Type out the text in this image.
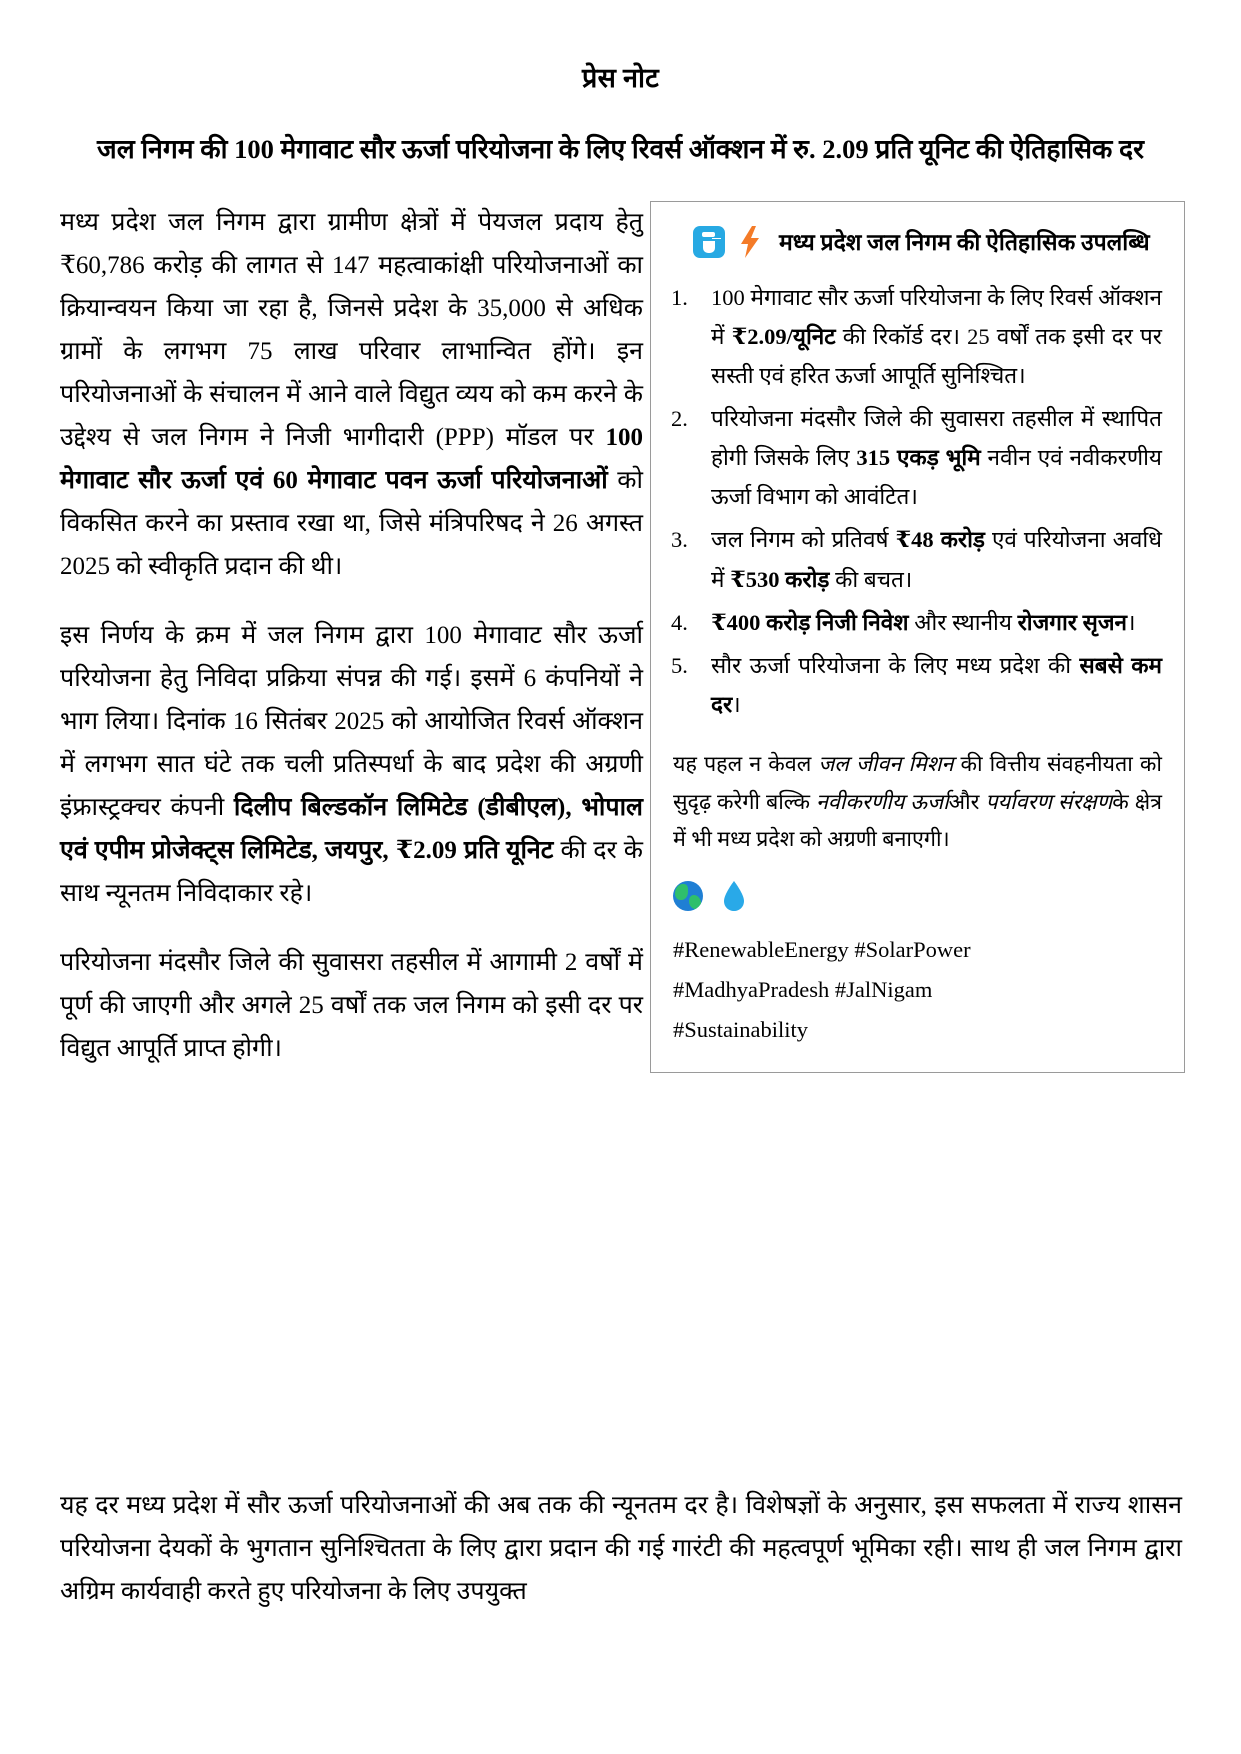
प्रेस नोट
जल निगम की 100 मेगावाट सौर ऊर्जा परियोजना के लिए रिवर्स ऑक्शन में रु. 2.09 प्रति यूनिट की ऐतिहासिक दर

मध्य प्रदेश जल निगम द्वारा ग्रामीण क्षेत्रों में पेयजल प्रदाय हेतु ₹60,786 करोड़ की लागत से 147 महत्वाकांक्षी परियोजनाओं का क्रियान्वयन किया जा रहा है, जिनसे प्रदेश के 35,000 से अधिक ग्रामों के लगभग 75 लाख परिवार लाभान्वित होंगे। इन परियोजनाओं के संचालन में आने वाले विद्युत व्यय को कम करने के उद्देश्य से जल निगम ने निजी भागीदारी (PPP) मॉडल पर 100 मेगावाट सौर ऊर्जा एवं 60 मेगावाट पवन ऊर्जा परियोजनाओं को विकसित करने का प्रस्ताव रखा था, जिसे मंत्रिपरिषद ने 26 अगस्त 2025 को स्वीकृति प्रदान की थी।

इस निर्णय के क्रम में जल निगम द्वारा 100 मेगावाट सौर ऊर्जा परियोजना हेतु निविदा प्रक्रिया संपन्न की गई। इसमें 6 कंपनियों ने भाग लिया। दिनांक 16 सितंबर 2025 को आयोजित रिवर्स ऑक्शन में लगभग सात घंटे तक चली प्रतिस्पर्धा के बाद प्रदेश की अग्रणी इंफ्रास्ट्रक्चर कंपनी दिलीप बिल्डकॉन लिमिटेड (डीबीएल), भोपाल एवं एपीम प्रोजेक्ट्स लिमिटेड, जयपुर, ₹2.09 प्रति यूनिट की दर के साथ न्यूनतम निविदाकार रहे।

परियोजना मंदसौर जिले की सुवासरा तहसील में आगामी 2 वर्षों में पूर्ण की जाएगी और अगले 25 वर्षों तक जल निगम को इसी दर पर विद्युत आपूर्ति प्राप्त होगी।

मध्य प्रदेश जल निगम की ऐतिहासिक उपलब्धि
100 मेगावाट सौर ऊर्जा परियोजना के लिए रिवर्स ऑक्शन में ₹2.09/यूनिट की रिकॉर्ड दर। 25 वर्षों तक इसी दर पर सस्ती एवं हरित ऊर्जा आपूर्ति सुनिश्चित।
परियोजना मंदसौर जिले की सुवासरा तहसील में स्थापित होगी जिसके लिए 315 एकड़ भूमि नवीन एवं नवीकरणीय ऊर्जा विभाग को आवंटित।
जल निगम को प्रतिवर्ष ₹48 करोड़ एवं परियोजना अवधि में ₹530 करोड़ की बचत।
₹400 करोड़ निजी निवेश और स्थानीय रोजगार सृजन।
सौर ऊर्जा परियोजना के लिए मध्य प्रदेश की सबसे कम दर।

यह पहल न केवल जल जीवन मिशन की वित्तीय संवहनीयता को सुदृढ़ करेगी बल्कि नवीकरणीय ऊर्जाऔर पर्यावरण संरक्षणके क्षेत्र में भी मध्य प्रदेश को अग्रणी बनाएगी।

#RenewableEnergy #SolarPower
#MadhyaPradesh #JalNigam
#Sustainability

यह दर मध्य प्रदेश में सौर ऊर्जा परियोजनाओं की अब तक की न्यूनतम दर है। विशेषज्ञों के अनुसार, इस सफलता में राज्य शासन परियोजना देयकों के भुगतान सुनिश्चितता के लिए द्वारा प्रदान की गई गारंटी की महत्वपूर्ण भूमिका रही। साथ ही जल निगम द्वारा अग्रिम कार्यवाही करते हुए परियोजना के लिए उपयुक्त
